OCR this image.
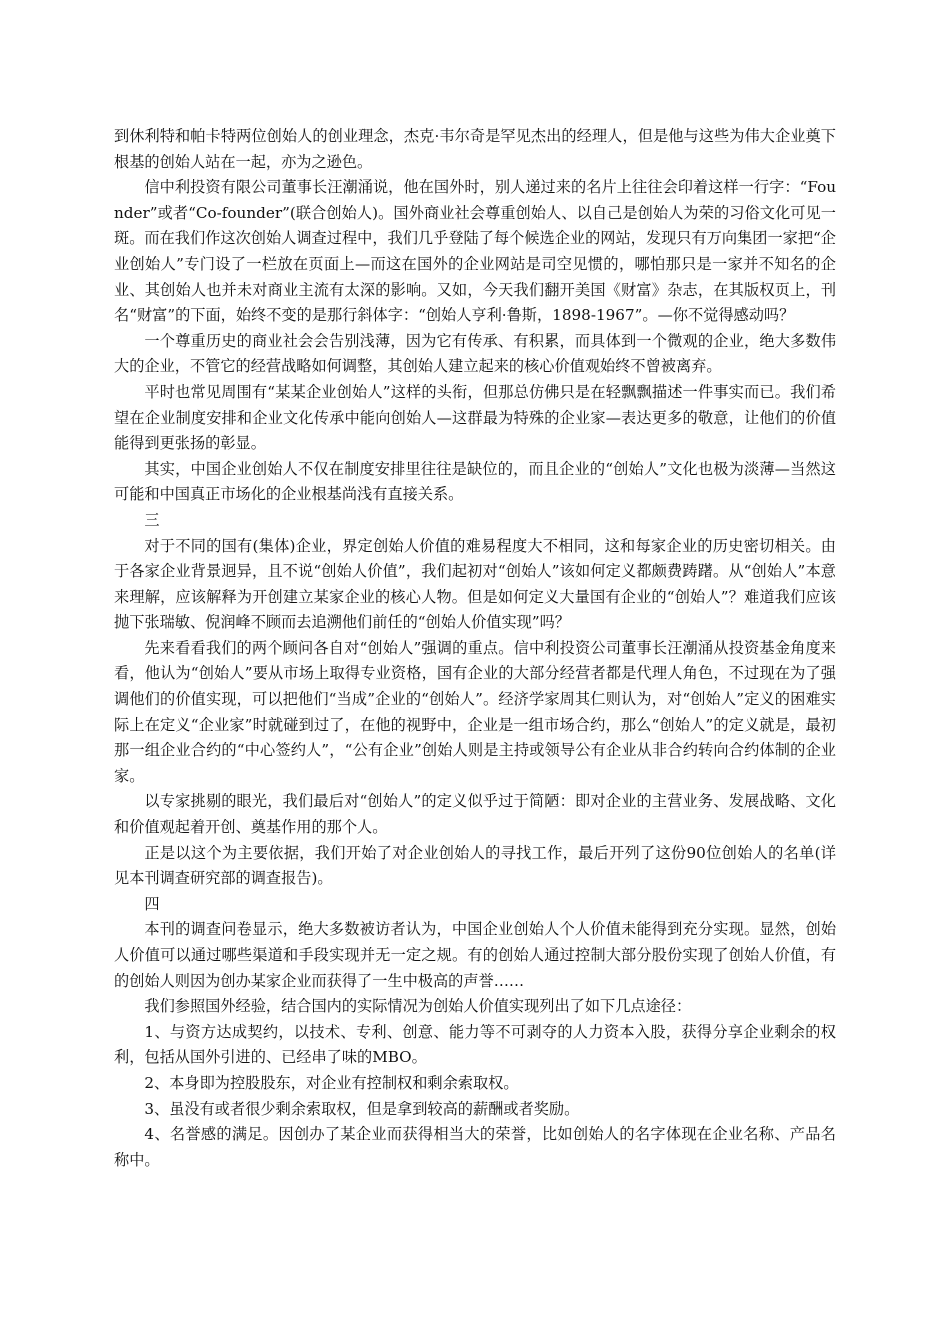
到休利特和帕卡特两位创始人的创业理念，杰克·韦尔奇是罕见杰出的经理人，但是他与这些为伟大企业奠下根基的创始人站在一起，亦为之逊色。

信中利投资有限公司董事长汪潮涌说，他在国外时，别人递过来的名片上往往会印着这样一行字：“Founder”或者“Co-founder”(联合创始人)。国外商业社会尊重创始人、以自己是创始人为荣的习俗文化可见一斑。而在我们作这次创始人调查过程中，我们几乎登陆了每个候选企业的网站，发现只有万向集团一家把“企业创始人”专门设了一栏放在页面上—而这在国外的企业网站是司空见惯的，哪怕那只是一家并不知名的企业、其创始人也并未对商业主流有太深的影响。又如，今天我们翻开美国《财富》杂志，在其版权页上，刊名“财富”的下面，始终不变的是那行斜体字：“创始人亨利·鲁斯，1898-1967”。—你不觉得感动吗？

一个尊重历史的商业社会会告别浅薄，因为它有传承、有积累，而具体到一个微观的企业，绝大多数伟大的企业，不管它的经营战略如何调整，其创始人建立起来的核心价值观始终不曾被离弃。

平时也常见周围有“某某企业创始人”这样的头衔，但那总仿佛只是在轻飘飘描述一件事实而已。我们希望在企业制度安排和企业文化传承中能向创始人—这群最为特殊的企业家—表达更多的敬意，让他们的价值能得到更张扬的彰显。

其实，中国企业创始人不仅在制度安排里往往是缺位的，而且企业的“创始人”文化也极为淡薄—当然这可能和中国真正市场化的企业根基尚浅有直接关系。

三

对于不同的国有(集体)企业，界定创始人价值的难易程度大不相同，这和每家企业的历史密切相关。由于各家企业背景迥异，且不说“创始人价值”，我们起初对“创始人”该如何定义都颇费踌躇。从“创始人”本意来理解，应该解释为开创建立某家企业的核心人物。但是如何定义大量国有企业的“创始人”？难道我们应该抛下张瑞敏、倪润峰不顾而去追溯他们前任的“创始人价值实现”吗？

先来看看我们的两个顾问各自对“创始人”强调的重点。信中利投资公司董事长汪潮涌从投资基金角度来看，他认为“创始人”要从市场上取得专业资格，国有企业的大部分经营者都是代理人角色，不过现在为了强调他们的价值实现，可以把他们“当成”企业的“创始人”。经济学家周其仁则认为，对“创始人”定义的困难实际上在定义“企业家”时就碰到过了，在他的视野中，企业是一组市场合约，那么“创始人”的定义就是，最初那一组企业合约的“中心签约人”，“公有企业”创始人则是主持或领导公有企业从非合约转向合约体制的企业家。

以专家挑剔的眼光，我们最后对“创始人”的定义似乎过于简陋：即对企业的主营业务、发展战略、文化和价值观起着开创、奠基作用的那个人。

正是以这个为主要依据，我们开始了对企业创始人的寻找工作，最后开列了这份90位创始人的名单(详见本刊调查研究部的调查报告)。

四

本刊的调查问卷显示，绝大多数被访者认为，中国企业创始人个人价值未能得到充分实现。显然，创始人价值可以通过哪些渠道和手段实现并无一定之规。有的创始人通过控制大部分股份实现了创始人价值，有的创始人则因为创办某家企业而获得了一生中极高的声誉……

我们参照国外经验，结合国内的实际情况为创始人价值实现列出了如下几点途径：

1、与资方达成契约，以技术、专利、创意、能力等不可剥夺的人力资本入股，获得分享企业剩余的权利，包括从国外引进的、已经串了味的MBO。

2、本身即为控股股东，对企业有控制权和剩余索取权。

3、虽没有或者很少剩余索取权，但是拿到较高的薪酬或者奖励。

4、名誉感的满足。因创办了某企业而获得相当大的荣誉，比如创始人的名字体现在企业名称、产品名称中。
